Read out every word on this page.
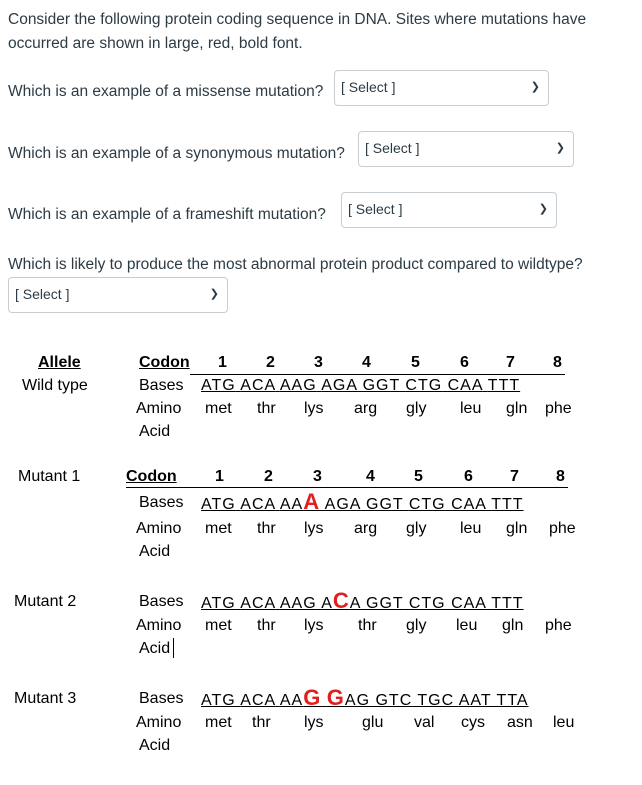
Consider the following protein coding sequence in DNA. Sites where mutations have occurred are shown in large, red, bold font.
Which is an example of a missense mutation?	[ Select ]	❯
Which is an example of a synonymous mutation?	[ Select ]	❯
Which is an example of a frameshift mutation?	[ Select ]	❯
Which is likely to produce the most abnormal protein product compared to wildtype?
[ Select ]	❯
Allele
Wild type
Codon 1 2 3 4	5	6 7 8
Bases ATG ACA AAG AGA GGT CTG CAA TTT
Amino
Acid
met thr lys arg gly leu gln phe
Mutant 1	Codon 1	2	3	4 5	6 7 8
Bases ATG ACA AAA AGA GGT CTG CAA TTT
Amino
Acid
met thr lys arg gly leu gln phe
Mutant 2	Bases ATG ACA AAG ACA GGT CTG CAA TTT
Amino
Acid
met thr lys thr gly leu gln phe
Mutant 3	Bases ATG ACA AAG GAG GTC TGC AAT TTA
Amino
Acid
met thr lys glu val cys asn leu
